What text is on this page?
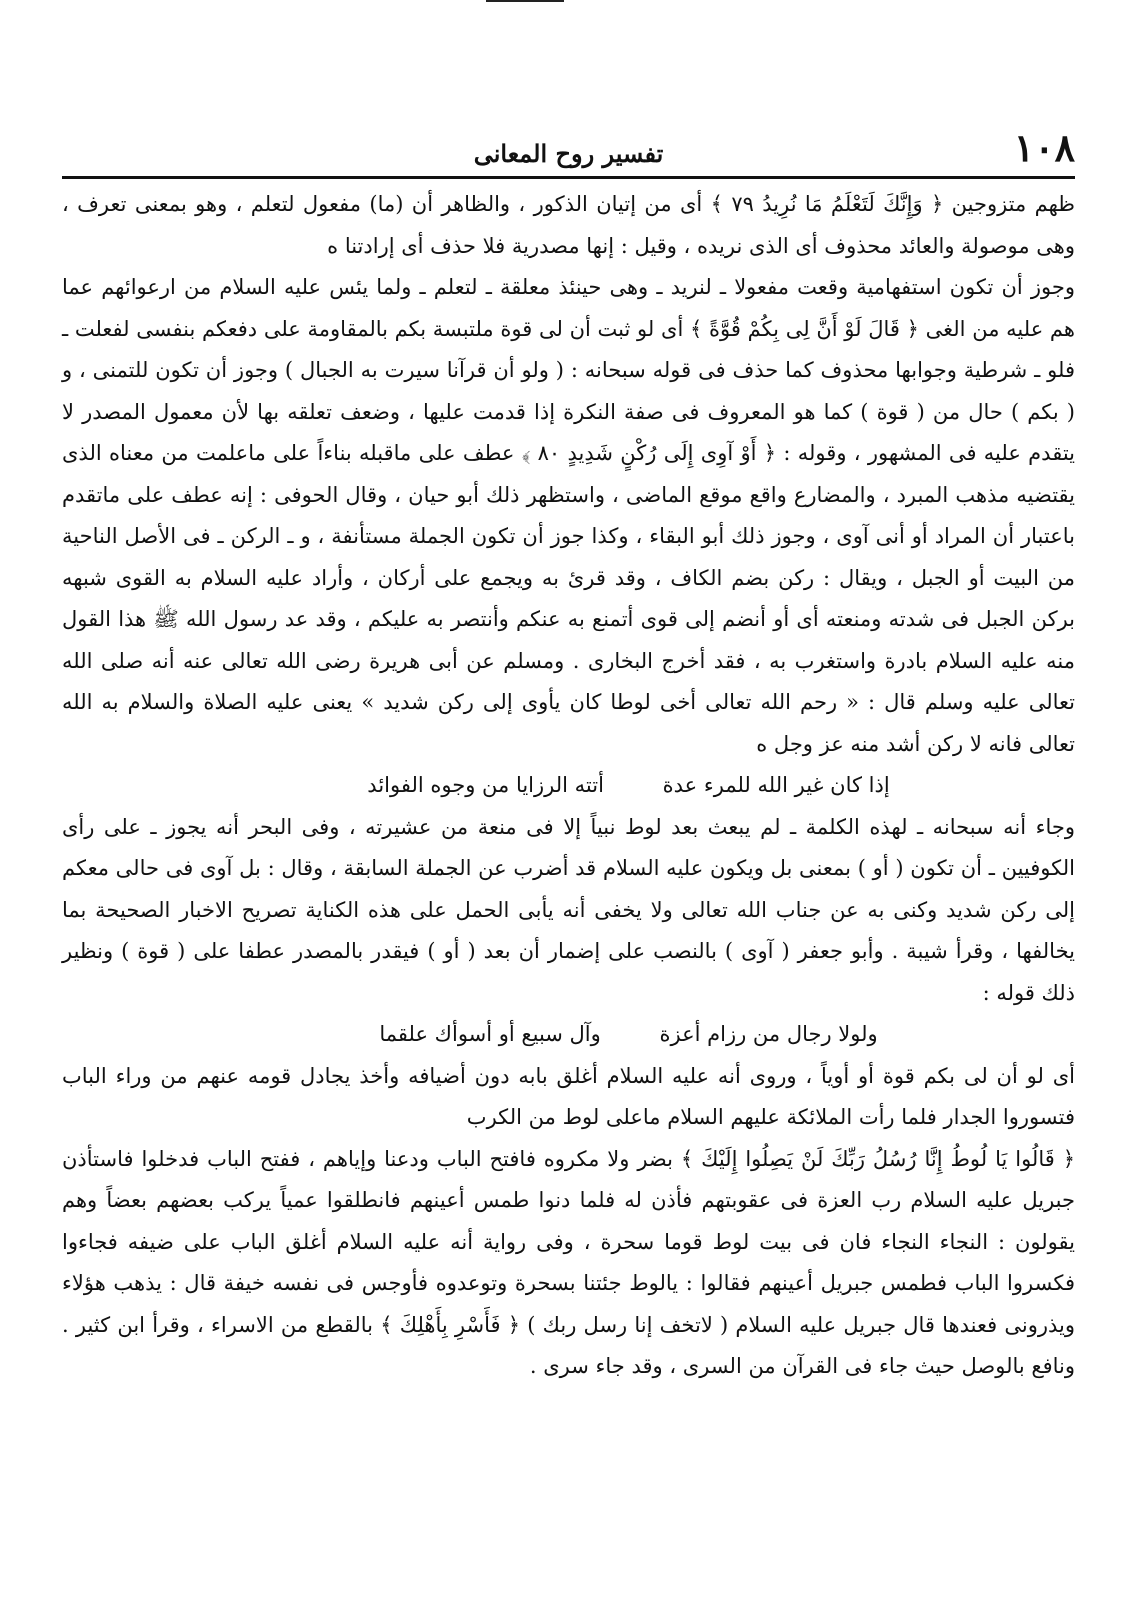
١٠٨
تفسير روح المعانى

ظهم متزوجين ﴿ وَإِنَّكَ لَتَعْلَمُ مَا نُرِيدُ ٧٩ ﴾ أى من إتيان الذكور ، والظاهر أن (ما) مفعول لتعلم ، وهو بمعنى تعرف ، وهى موصولة والعائد محذوف أى الذى نريده ، وقيل : إنها مصدرية فلا حذف أى إرادتنا ه

وجوز أن تكون استفهامية وقعت مفعولا ـ لنريد ـ وهى حينئذ معلقة ـ لتعلم ـ ولما يئس عليه السلام من ارعوائهم عما هم عليه من الغى ﴿ قَالَ لَوْ أَنَّ لِى بِكُمْ قُوَّةً ﴾ أى لو ثبت أن لى قوة ملتبسة بكم بالمقاومة على دفعكم بنفسى لفعلت ـ فلو ـ شرطية وجوابها محذوف كما حذف فى قوله سبحانه : ( ولو أن قرآنا سيرت به الجبال ) وجوز أن تكون للتمنى ، و ( بكم ) حال من ( قوة ) كما هو المعروف فى صفة النكرة إذا قدمت عليها ، وضعف تعلقه بها لأن معمول المصدر لا يتقدم عليه فى المشهور ، وقوله : ﴿ أَوْ آوِى إِلَى رُكْنٍ شَدِيدٍ ٨٠ ﴾ عطف على ماقبله بناءاً على ماعلمت من معناه الذى يقتضيه مذهب المبرد ، والمضارع واقع موقع الماضى ، واستظهر ذلك أبو حيان ، وقال الحوفى : إنه عطف على ماتقدم باعتبار أن المراد أو أنى آوى ، وجوز ذلك أبو البقاء ، وكذا جوز أن تكون الجملة مستأنفة ، و ـ الركن ـ فى الأصل الناحية من البيت أو الجبل ، ويقال : ركن بضم الكاف ، وقد قرئ به ويجمع على أركان ، وأراد عليه السلام به القوى شبهه بركن الجبل فى شدته ومنعته أى أو أنضم إلى قوى أتمنع به عنكم وأنتصر به عليكم ، وقد عد رسول الله ﷺ هذا القول منه عليه السلام بادرة واستغرب به ، فقد أخرج البخارى . ومسلم عن أبى هريرة رضى الله تعالى عنه أنه صلى الله تعالى عليه وسلم قال : « رحم الله تعالى أخى لوطا كان يأوى إلى ركن شديد » يعنى عليه الصلاة والسلام به الله تعالى فانه لا ركن أشد منه عز وجل ه

إذا كان غير الله للمرء عدة أتته الرزايا من وجوه الفوائد

وجاء أنه سبحانه ـ لهذه الكلمة ـ لم يبعث بعد لوط نبياً إلا فى منعة من عشيرته ، وفى البحر أنه يجوز ـ على رأى الكوفيين ـ أن تكون ( أو ) بمعنى بل ويكون عليه السلام قد أضرب عن الجملة السابقة ، وقال : بل آوى فى حالى معكم إلى ركن شديد وكنى به عن جناب الله تعالى ولا يخفى أنه يأبى الحمل على هذه الكناية تصريح الاخبار الصحيحة بما يخالفها ، وقرأ شيبة . وأبو جعفر ( آوى ) بالنصب على إضمار أن بعد ( أو ) فيقدر بالمصدر عطفا على ( قوة ) ونظير ذلك قوله :

ولولا رجال من رزام أعزة وآل سبيع أو أسوأك علقما

أى لو أن لى بكم قوة أو أوياً ، وروى أنه عليه السلام أغلق بابه دون أضيافه وأخذ يجادل قومه عنهم من وراء الباب فتسوروا الجدار فلما رأت الملائكة عليهم السلام ماعلى لوط من الكرب

﴿ قَالُوا يَا لُوطُ إِنَّا رُسُلُ رَبِّكَ لَنْ يَصِلُوا إِلَيْكَ ﴾ بضر ولا مكروه فافتح الباب ودعنا وإياهم ، ففتح الباب فدخلوا فاستأذن جبريل عليه السلام رب العزة فى عقوبتهم فأذن له فلما دنوا طمس أعينهم فانطلقوا عمياً يركب بعضهم بعضاً وهم يقولون : النجاء النجاء فان فى بيت لوط قوما سحرة ، وفى رواية أنه عليه السلام أغلق الباب على ضيفه فجاءوا فكسروا الباب فطمس جبريل أعينهم فقالوا : يالوط جئتنا بسحرة وتوعدوه فأوجس فى نفسه خيفة قال : يذهب هؤلاء ويذرونى فعندها قال جبريل عليه السلام ( لاتخف إنا رسل ربك ) ﴿ فَأَسْرِ بِأَهْلِكَ ﴾ بالقطع من الاسراء ، وقرأ ابن كثير . ونافع بالوصل حيث جاء فى القرآن من السرى ، وقد جاء سرى .
